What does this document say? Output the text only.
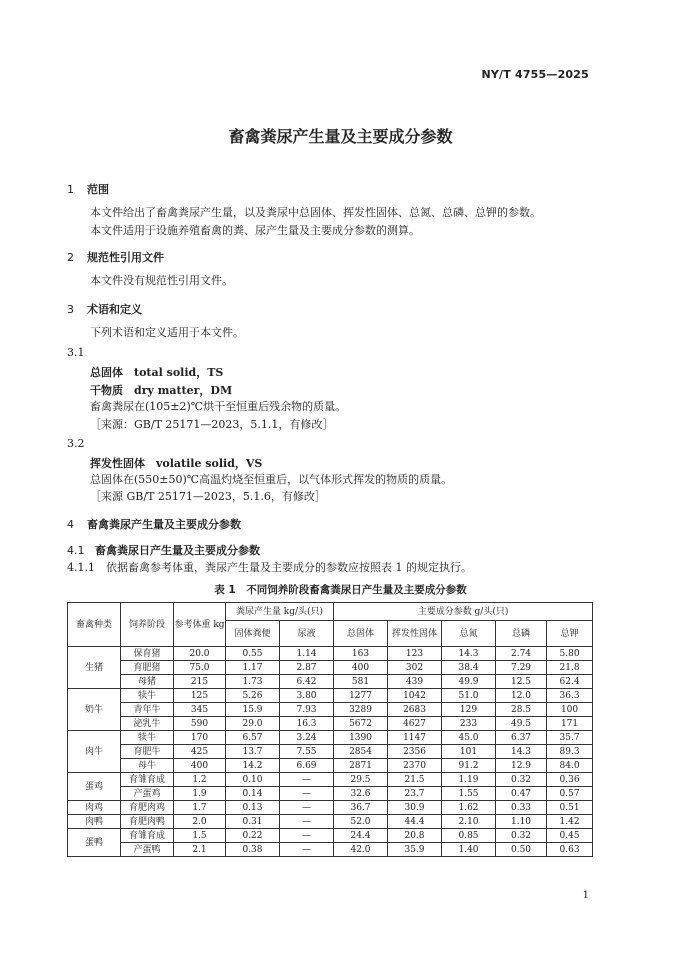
NY/T 4755—2025
畜禽粪尿产生量及主要成分参数
1 范围
本文件给出了畜禽粪尿产生量，以及粪尿中总固体、挥发性固体、总氮、总磷、总钾的参数。
本文件适用于设施养殖畜禽的粪、尿产生量及主要成分参数的测算。
2 规范性引用文件
本文件没有规范性引用文件。
3 术语和定义
下列术语和定义适用于本文件。
3.1
总固体　 total solid，TS
干物质　 dry matter，DM
畜禽粪尿在(105±2)℃烘干至恒重后残余物的质量。
［来源：GB/T 25171—2023，5.1.1，有修改］
3.2
挥发性固体　 volatile solid，VS
总固体在(550±50)℃高温灼烧至恒重后，以气体形式挥发的物质的质量。
［来源 GB/T 25171—2023，5.1.6，有修改］
4 畜禽粪尿产生量及主要成分参数
4.1 畜禽粪尿日产生量及主要成分参数
4.1.1　 依据畜禽参考体重，粪尿产生量及主要成分的参数应按照表 1 的规定执行。
表 1　不同饲养阶段畜禽粪尿日产生量及主要成分参数
畜禽种类	饲养阶段	参考体重 kg	粪尿产生量 kg/头(只)		主要成分参数 g/头(只)				
			固体粪便	尿液	总固体	挥发性固体	总氮	总磷	总钾
生猪	保育猪	20.0	0.55	1.14	163	123	14.3	2.74	5.80
	育肥猪	75.0	1.17	2.87	400	302	38.4	7.29	21.8
	母猪	215	1.73	6.42	581	439	49.9	12.5	62.4
奶牛	犊牛	125	5.26	3.80	1277	1042	51.0	12.0	36.3
	青年牛	345	15.9	7.93	3289	2683	129	28.5	100
	泌乳牛	590	29.0	16.3	5672	4627	233	49.5	171
肉牛	犊牛	170	6.57	3.24	1390	1147	45.0	6.37	35.7
	育肥牛	425	13.7	7.55	2854	2356	101	14.3	89.3
	母牛	400	14.2	6.69	2871	2370	91.2	12.9	84.0
蛋鸡	育雏育成	1.2	0.10	—	29.5	21.5	1.19	0.32	0.36
	产蛋鸡	1.9	0.14	—	32.6	23.7	1.55	0.47	0.57
肉鸡	育肥肉鸡	1.7	0.13	—	36.7	30.9	1.62	0.33	0.51
肉鸭	育肥肉鸭	2.0	0.31	—	52.0	44.4	2.10	1.10	1.42
蛋鸭	育雏育成	1.5	0.22	—	24.4	20.8	0.85	0.32	0.45
	产蛋鸭	2.1	0.38	—	42.0	35.9	1.40	0.50	0.63
1
